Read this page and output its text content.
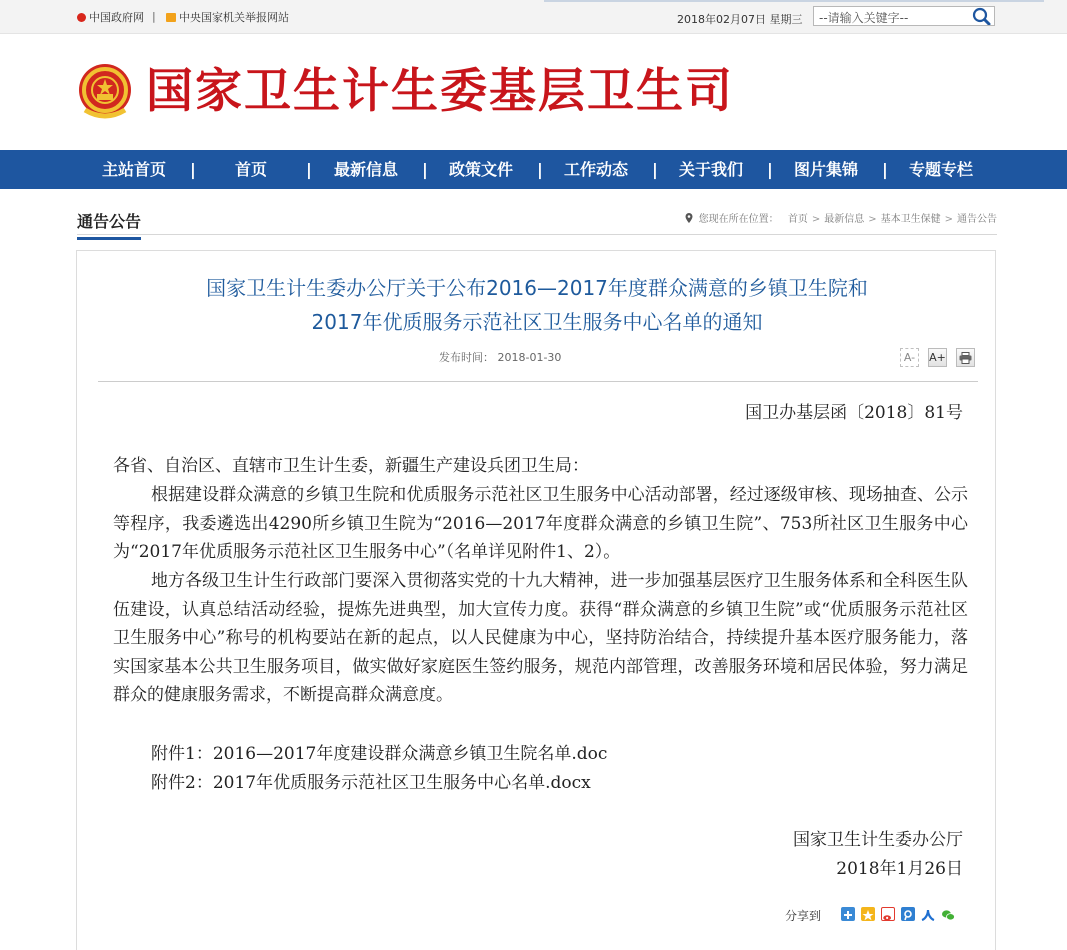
中国政府网 |	中央国家机关举报网站	2018年02月07日 星期三
--请输入关键字--
国家卫生计生委基层卫生司
主站首页	|	首页	|	最新信息	|	政策文件	|	工作动态	|	关于我们	|	图片集锦	|	专题专栏
通告公告	您现在所在位置： 首页 > 最新信息 > 基本卫生保健 > 通告公告
国家卫生计生委办公厅关于公布2016—2017年度群众满意的乡镇卫生院和
2017年优质服务示范社区卫生服务中心名单的通知
发布时间： 2018-01-30	A-	A+
国卫办基层函〔2018〕81号
各省、自治区、直辖市卫生计生委，新疆生产建设兵团卫生局：
根据建设群众满意的乡镇卫生院和优质服务示范社区卫生服务中心活动部署，经过逐级审核、现场抽查、公示等程序，我委遴选出4290所乡镇卫生院为“2016—2017年度群众满意的乡镇卫生院”、753所社区卫生服务中心为“2017年优质服务示范社区卫生服务中心”（名单详见附件1、2）。
地方各级卫生计生行政部门要深入贯彻落实党的十九大精神，进一步加强基层医疗卫生服务体系和全科医生队伍建设，认真总结活动经验，提炼先进典型，加大宣传力度。获得“群众满意的乡镇卫生院”或“优质服务示范社区卫生服务中心”称号的机构要站在新的起点，以人民健康为中心，坚持防治结合，持续提升基本医疗服务能力，落实国家基本公共卫生服务项目，做实做好家庭医生签约服务，规范内部管理，改善服务环境和居民体验，努力满足群众的健康服务需求，不断提高群众满意度。
附件1：2016—2017年度建设群众满意乡镇卫生院名单.doc
附件2：2017年优质服务示范社区卫生服务中心名单.docx
国家卫生计生委办公厅
2018年1月26日
分享到
